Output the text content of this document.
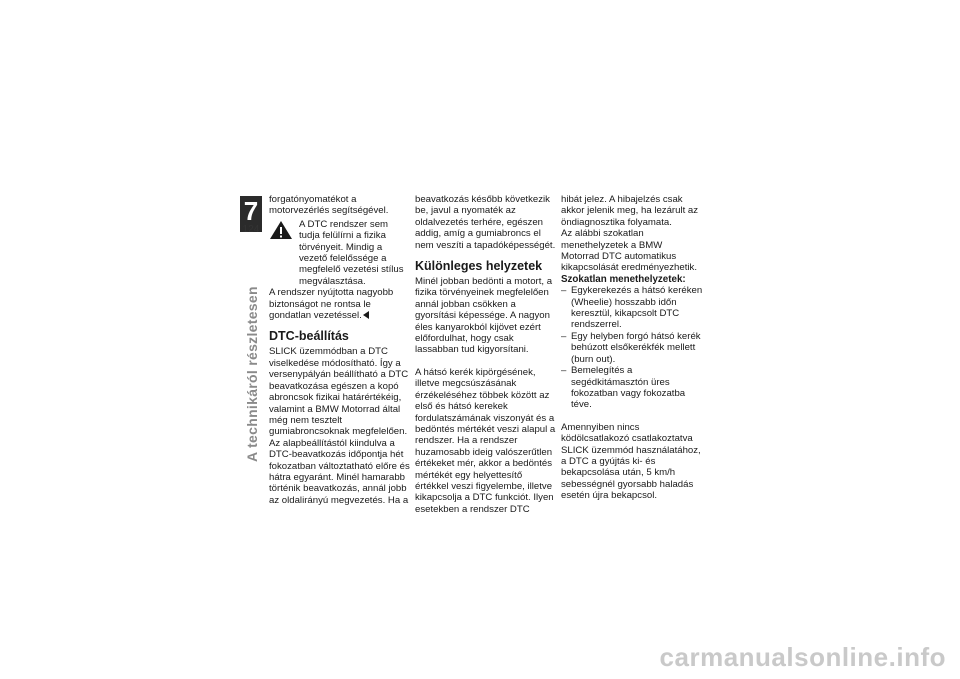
7
124
A technikáról részletesen

forgatónyomatékot a motorvezérlés segítségével.

A DTC rendszer sem tudja felülírni a fizika törvényeit. Mindig a vezető felelőssége a megfelelő vezetési stílus megválasztása.

A rendszer nyújtotta nagyobb biztonságot ne rontsa le gondatlan vezetéssel.

DTC-beállítás

SLICK üzemmódban a DTC viselkedése módosítható. Így a versenypályán beállítható a DTC beavatkozása egészen a kopó abroncsok fizikai határértékéig, valamint a BMW Motorrad által még nem tesztelt gumiabroncsoknak megfelelően.

Az alapbeállítástól kiindulva a DTC-beavatkozás időpontja hét fokozatban változtatható előre és hátra egyaránt. Minél hamarabb történik beavatkozás, annál jobb az oldalirányú megvezetés. Ha a

beavatkozás később következik be, javul a nyomaték az oldalvezetés terhére, egészen addig, amíg a gumiabroncs el nem veszíti a tapadóképességét.

Különleges helyzetek

Minél jobban bedönti a motort, a fizika törvényeinek megfelelően annál jobban csökken a gyorsítási képessége. A nagyon éles kanyarokból kijövet ezért előfordulhat, hogy csak lassabban tud kigyorsítani.

A hátsó kerék kipörgésének, illetve megcsúszásának érzékeléséhez többek között az első és hátsó kerekek fordulatszámának viszonyát és a bedöntés mértékét veszi alapul a rendszer. Ha a rendszer huzamosabb ideig valószerűtlen értékeket mér, akkor a bedöntés mértékét egy helyettesítő értékkel veszi figyelembe, illetve kikapcsolja a DTC funkciót. Ilyen esetekben a rendszer DTC

hibát jelez. A hibajelzés csak akkor jelenik meg, ha lezárult az öndiagnosztika folyamata.

Az alábbi szokatlan menethelyzetek a BMW Motorrad DTC automatikus kikapcsolását eredményezhetik.

Szokatlan menethelyzetek:
– Egykerekezés a hátsó keréken (Wheelie) hosszabb időn keresztül, kikapcsolt DTC rendszerrel.
– Egy helyben forgó hátsó kerék behúzott elsőkerékfék mellett (burn out).
– Bemelegítés a segédkitámasztón üres fokozatban vagy fokozatba téve.

Amennyiben nincs ködölcsatlakozó csatlakoztatva SLICK üzemmód használatához, a DTC a gyújtás ki- és bekapcsolása után, 5 km/h sebességnél gyorsabb haladás esetén újra bekapcsol.

carmanualsonline.info
